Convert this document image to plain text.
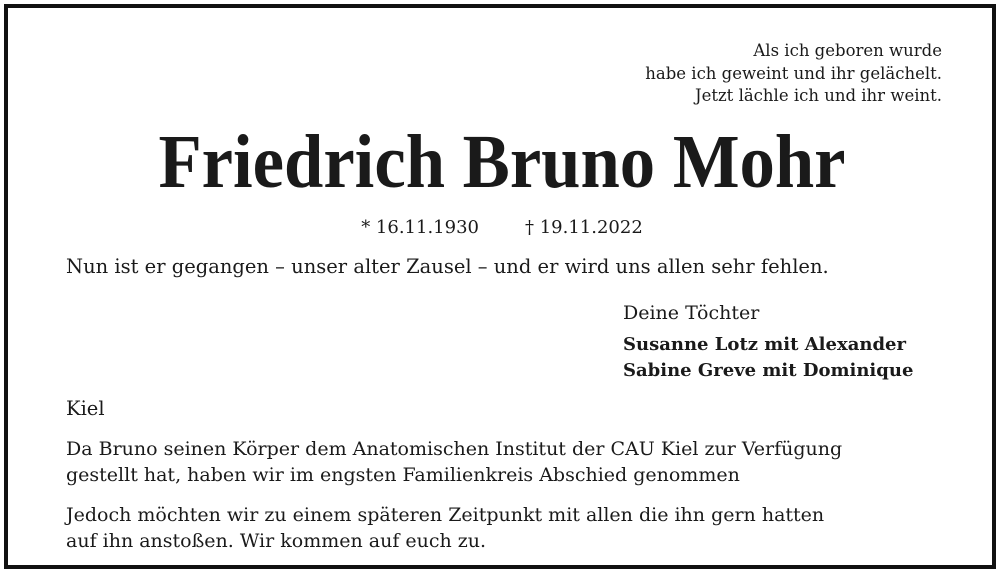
Als ich geboren wurde
habe ich geweint und ihr gelächelt.
Jetzt lächle ich und ihr weint.
Friedrich Bruno Mohr
* 16.11.1930	† 19.11.2022
Nun ist er gegangen – unser alter Zausel – und er wird uns allen sehr fehlen.
Deine Töchter
Susanne Lotz mit Alexander
Sabine Greve mit Dominique
Kiel
Da Bruno seinen Körper dem Anatomischen Institut der CAU Kiel zur Verfügung
gestellt hat, haben wir im engsten Familienkreis Abschied genommen
Jedoch möchten wir zu einem späteren Zeitpunkt mit allen die ihn gern hatten
auf ihn anstoßen. Wir kommen auf euch zu.
